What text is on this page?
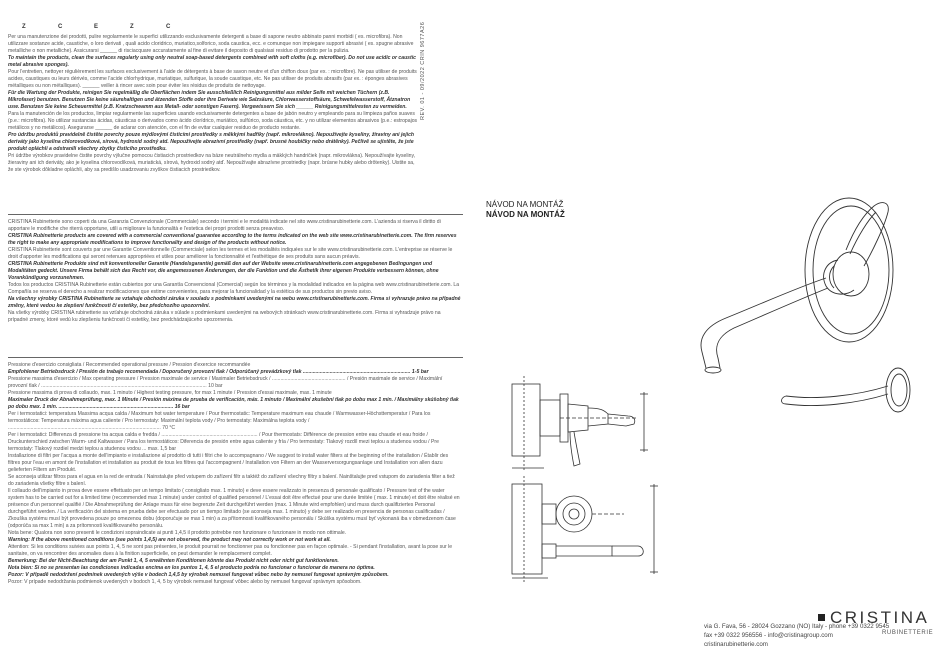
Z	C	E	Z	C

Per una manutenzione dei prodotti, pulire regolarmente le superfici utilizzando esclusivamente detergenti a base di sapone neutro abbinato panni morbidi ( es. microfibra). Non utilizzare sostanze acide, caustiche, o loro derivati , quali acido cloridrico, muriatico,solforico, soda caustica, ecc. e comunque non impiegare supporti abrasivi ( es. spugne abrasive metalliche o non metalliche). Assicurarsi ______ di risciacquare accuratamente al fine di evitare il deposito di qualsiasi residuo di prodotto per la pulizia.

To maintain the products, clean the surfaces regularly using only neutral soap-based detergents combined with soft cloths (e.g. microfiber). Do not use acidic or caustic metal abrasive sponges).

Pour l'entretien, nettoyer régulièrement les surfaces exclusivement à l'aide de détergents à base de savon neutre et d'un chiffon doux (par ex. : microfibre). Ne pas utiliser de produits acides, caustiques ou leurs dérivés, comme l'acide chlorhydrique, muriatique, sulfurique, la soude caustique, etc. Ne pas utiliser de produits abrasifs (par ex. : éponges abrasives métalliques ou non métalliques). ______ veiller à rincer avec soin pour éviter les résidus de produits de nettoyage.

Für die Wartung der Produkte, reinigen Sie regelmäßig die Oberflächen indem Sie ausschließlich Reinigungsmittel aus milder Seife mit weichen Tüchern (z.B. Mikrofaser) benutzen. Benutzen Sie keine säurehaltigen und ätzenden Stoffe oder ihre Derivate wie Salzsäure, Chlorwasserstoffsäure, Schwefelwasserstoff, Ätznatron usw. Benutzen Sie keine Scheuermittel (z.B. Kratzschwamm aus Metall- oder sonstigen Fasern). Vergewissern Sie sich ______ Reinigungsmittelresten zu vermeiden.

Para la manutención de los productos, limpiar regularmente las superficies usando exclusivamente detergentes a base de jabón neutro y empleando para su limpieza paños suaves (p.e.: microfibra). No utilizar sustancias ácidas, cáusticas o derivados como ácido clorídrico, muriático, sulfúrico, soda cáustica, etc. y no utilizar elementos abrasivos (p.e.: estropajos metálicos y no metálicos). Asegurarse ______ de aclarar con atención, con el fin de evitar cualquier residuo de producto restante.

Pro údržbu produktů pravidelně čistěte povrchy pouze mýdlovými čisticími prostředky s měkkými hadříky (např. mikrovlákno). Nepoužívejte kyseliny, žíraviny ani jejich deriváty jako kyselina chlorovodíková, sírová, hydroxid sodný atd. Nepoužívejte abrazivní prostředky (např. brusné houbičky nebo drátěnky). Pečlivě se ujistěte, že jste produkt opláchli a odstranili všechny zbytky čisticího prostředku.

Pri údržbe výrobkov pravidelne čistite povrchy výlučne pomocou čistiacich prostriedkov na báze neutrálneho mydla a mäkkých handričiek (napr. mikrovlákna). Nepoužívajte kyseliny, žieraviny ani ich deriváty, ako je kyselina chlorovodíková, muriatická, sírová, hydroxid sodný atď. Nepoužívajte abrazívne prostriedky (napr. brúsne hubky alebo drôtenky). Uistite sa, že ste výrobok dôkladne opláchli, aby sa predišlo usadzovaniu zvyškov čistiacich prostriedkov.

REV. 01 - 09/2022 CRIN 9677A26

CRISTINA Rubinetterie sono coperti da una Garanzia Convenzionale (Commerciale) secondo i termini e le modalità indicate nel sito www.cristinarubinetterie.com. L'azienda si riserva il diritto di apportare le modifiche che riterrà opportune, utili a migliorare la funzionalità e l'estetica dei propri prodotti senza preavviso.

CRISTINA Rubinetterie products are covered with a commercial conventional guarantee according to the terms indicated on the web site www.cristinarubinetterie.com. The firm reserves the right to make any appropriate modifications to improve functionality and design of the products without notice.

CRISTINA Rubinetterie sont couverts par une Garantie Conventionnelle (Commerciale) selon les termes et les modalités indiquées sur le site www.cristinarubinetterie.com. L'entreprise se réserve le droit d'apporter les modifications qui seront retenues appropriées et utiles pour améliorer la fonctionnalité et l'esthétique de ses produits sans aucun préavis.

CRISTINA Rubinetterie Produkte sind mit konventioneller Garantie (Handelsgarantie) gemäß den auf der Website www.cristinarubinetterie.com angegebenen Bedingungen und Modalitäten gedeckt. Unsere Firma behält sich das Recht vor, die angemessenen Änderungen, der die Funktion und die Ästhetik ihrer eigenen Produkte verbessern können, ohne Vorankündigung vorzunehmen.

Todos los productos CRISTINA Rubinetterie están cubiertos por una Garantía Convencional (Comercial) según los términos y la modalidad indicados en la página web www.cristinarubinetterie.com. La Compañía se reserva el derecho a realizar modificaciones que estime convenientes, para mejorar la funcionalidad y la estética de sus productos sin previo aviso.

Na všechny výrobky CRISTINA Rubinetterie se vztahuje obchodní záruka v souladu s podmínkami uvedenými na webu www.cristinarubinetterie.com. Firma si vyhrazuje právo na případné změny, které vedou ke zlepšení funkčnosti či estetiky, bez předchozího upozornění.

Na všetky výrobky CRISTINA rubinetterie sa vzťahuje obchodná záruka v súlade s podmienkami uvedenými na webových stránkach www.cristinarubinetterie.com. Firma si vyhradzuje právo na prípadné zmeny, ktoré vedú ku zlepšeniu funkčnosti či estetiky, bez predchádzajúceho upozornenia.

Pressione d'esercizio consigliata / Recommended operational pressure / Pression d'exercice recommandée

Empfohlener Betriebsdruck / Presión de trabajo recomendada / Doporučený provozní tlak / Odporúčaný prevádzkový tlak ............................................................................ 1-5 bar

Pressione massima d'esercizio / Max operating pressure / Pression maximale de service / Maximaler Betriebsdruck / .................................................... / Presión maximale de service / Maximální provozní tlak / ..................................................................................................................... 10 bar

Pressione massima di prova di collaudo, max. 1 minuto / Highest testing pressure, for max 1 minute / Pression d'essai maximale, max. 1 minute

Maximaler Druck der Abnahmeprüfung, max. 1 Minute / Presión máxima de prueba de verificación, máx. 1 minuto / Maximální zkušební tlak po dobu max 1 min. / Maximálny skúšobný tlak po dobu max. 1 min. ................................................................................. 16 bar

Per i termostatici: temperatura Massima acqua calda / Maximum hot water temperature / Pour thermostatic: Temperature maximum eau chaude / Warmwasser-Höchsttemperatur / Para los termostáticos: Temperatura máxima agua caliente / Pro termostaty: Maximální teplota vody / Pro termostaty: Maximálna teplota vody / ............................................................................................................ 70 °C

Per i termostatici: Differenza di pressione tra acqua calda e fredda / .................................................................... / Pour thermostats: Différence de pression entre eau chaude et eau froide / Druckunterschied zwischen Warm- und Kaltwasser / Para los termostáticos: Diferencia de presión entre agua caliente y fría / Pro termostaty: Tlakový rozdíl mezi teplou a studenou vodou / Pre termostaty: Tlakový rozdiel medzi teplou a studenou vodou ... max. 1,5 bar

Installazione di filtri per l'acqua a monte dell'impianto e installazione al prodotto di tutti i filtri che lo accompagnano / We suggest to install water filters at the beginning of the installation / Établir des filtres pour l'eau en amont de l'installation et installation au produit de tous les filtres qui l'accompagnent / Installation von Filtern an der Wasserversorgungsanlage und Installation von allen dazu gelieferten Filtern am Produkt.

Se aconseja utilizar filtros para el agua en la red de entrada / Nainstalujte před vstupem do zařízení filtr a taktéž do zařízení všechny filtry s balení. Nainštalujte pred vstupom do zariadenia filter a tiež do zariadenia všetky filtre s balení.

Il collaudo dell'impianto in prova deve essere effettuato per un tempo limitato ( consigliato max. 1 minuto) e deve essere realizzato in presenza di personale qualificato / Pressure test of the water system has to be carried out for a limited time (recommended max 1 minute) under control of qualified personnel / L'essai doit être effectué pour une durée limitée ( max. 1 minute) et doit être réalisé en présence d'un personnel qualifié / Die Abnahmeprüfung der Anlage muss für eine begrenzte Zeit durchgeführt werden (max. 1 Minute wird empfohlen) und muss durch qualifiziertes Personal durchgeführt werden. / La verificación del sistema en prueba debe ser efectuado por un tiempo limitado (se aconseja max. 1 minuto) y debe ser realizado en presencia de personas cualificadas / Zkouška systému musí být provedena pouze po omezenou dobu (doporučuje se max 1 min) a za přítomnosti kvalifikovaného personálu / Skúška systému musí byť vykonaná iba v obmedzenom čase (odporúča sa max 1 min) a za prítomnosti kvalifikovaného personálu.

Nota bene: Qualora non sono presenti le condizioni sopraindicate ai punti 1,4,5 il prodotto potrebbe non funzionare o funzionare in modo non ottimale.

Warning: If the above mentioned conditions (see points 1,4,5) are not observed, the product may not correctly work or not work at all.

Attention: Si les conditions suivies aux points 1, 4, 5 ne sont pas présentes, le produit pourrait ne fonctionner pas ou fonctionner pas en façon optimale. - Si pendant l'installation, avant la pose sur le sanitaire, on va rencontrer des anomalies dues à la finition superficielle, on peut demander le remplacement complet.

Bemerkung: Bei der Nicht-Beachtung der am Punkt 1, 4, 5 erwähnten Konditionen könnte das Produkt nicht oder nicht gut funktionieren.

Nota bien: Si no se presentan las condiciones indicadas encima en los puntos 1, 4, 5 el producto podría no funcionar o funcionar de manera no óptima.

Pozor: V případě nedodržení podmínek uvedených výše v bodech 1,4,5 by výrobek nemusel fungovat vůbec nebo by nemusel fungovat správným způsobem.

Pozor: V prípade nedodržania podmienok uvedených v bodoch 1, 4, 5 by výrobok nemusel fungovať vôbec alebo by nemusel fungovať správnym spôsobom.

NÁVOD NA MONTÁŽ
NÁVOD NA MONTÁŽ
via G. Fava, 56 - 28024 Gozzano (NO) Italy - phone +39 0322 9545
fax +39 0322 956556 - info@cristinagroup.com
cristinarubinetterie.com
CRISTINA
RUBINETTERIE
